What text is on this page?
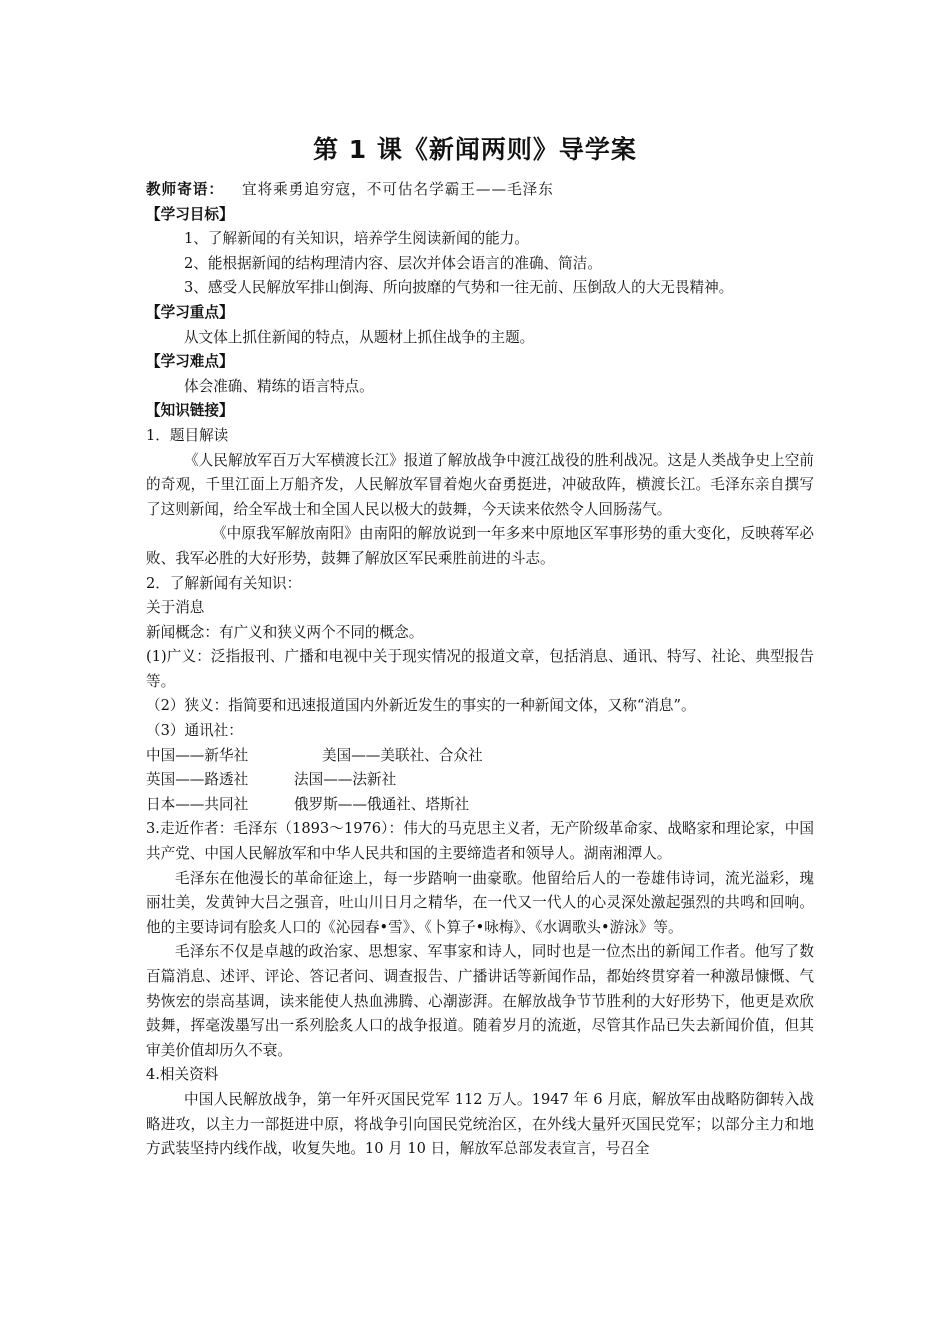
第 1 课《新闻两则》导学案

教师寄语： 宜将乘勇追穷寇，不可估名学霸王——毛泽东

【学习目标】

1、了解新闻的有关知识，培养学生阅读新闻的能力。

2、能根据新闻的结构理清内容、层次并体会语言的准确、简洁。

3、感受人民解放军排山倒海、所向披靡的气势和一往无前、压倒敌人的大无畏精神。

【学习重点】

从文体上抓住新闻的特点，从题材上抓住战争的主题。

【学习难点】

体会准确、精练的语言特点。

【知识链接】

1．题目解读

《人民解放军百万大军横渡长江》报道了解放战争中渡江战役的胜利战况。这是人类战争史上空前的奇观，千里江面上万船齐发，人民解放军冒着炮火奋勇挺进，冲破敌阵，横渡长江。毛泽东亲自撰写了这则新闻，给全军战士和全国人民以极大的鼓舞，今天读来依然令人回肠荡气。

《中原我军解放南阳》由南阳的解放说到一年多来中原地区军事形势的重大变化，反映蒋军必败、我军必胜的大好形势，鼓舞了解放区军民乘胜前进的斗志。

2．了解新闻有关知识：

关于消息

新闻概念：有广义和狭义两个不同的概念。

(1)广义：泛指报刊、广播和电视中关于现实情况的报道文章，包括消息、通讯、特写、社论、典型报告等。

（2）狭义：指简要和迅速报道国内外新近发生的事实的一种新闻文体，又称“消息”。

（3）通讯社：

中国——新华社	美国——美联社、合众社

英国——路透社	法国——法新社

日本——共同社	俄罗斯——俄通社、塔斯社

3.走近作者：毛泽东（1893～1976）：伟大的马克思主义者，无产阶级革命家、战略家和理论家，中国共产党、中国人民解放军和中华人民共和国的主要缔造者和领导人。湖南湘潭人。

毛泽东在他漫长的革命征途上，每一步踏响一曲豪歌。他留给后人的一卷雄伟诗词，流光溢彩，瑰丽壮美，发黄钟大吕之强音，吐山川日月之精华，在一代又一代人的心灵深处激起强烈的共鸣和回响。他的主要诗词有脍炙人口的《沁园春•雪》、《卜算子•咏梅》、《水调歌头•游泳》等。

毛泽东不仅是卓越的政治家、思想家、军事家和诗人，同时也是一位杰出的新闻工作者。他写了数百篇消息、述评、评论、答记者问、调查报告、广播讲话等新闻作品，都始终贯穿着一种激昂慷慨、气势恢宏的崇高基调，读来能使人热血沸腾、心潮澎湃。在解放战争节节胜利的大好形势下，他更是欢欣鼓舞，挥毫泼墨写出一系列脍炙人口的战争报道。随着岁月的流逝，尽管其作品已失去新闻价值，但其审美价值却历久不衰。

4.相关资料

中国人民解放战争，第一年歼灭国民党军 112 万人。1947 年 6 月底，解放军由战略防御转入战略进攻，以主力一部挺进中原，将战争引向国民党统治区，在外线大量歼灭国民党军；以部分主力和地方武装坚持内线作战，收复失地。10 月 10 日，解放军总部发表宣言，号召全
